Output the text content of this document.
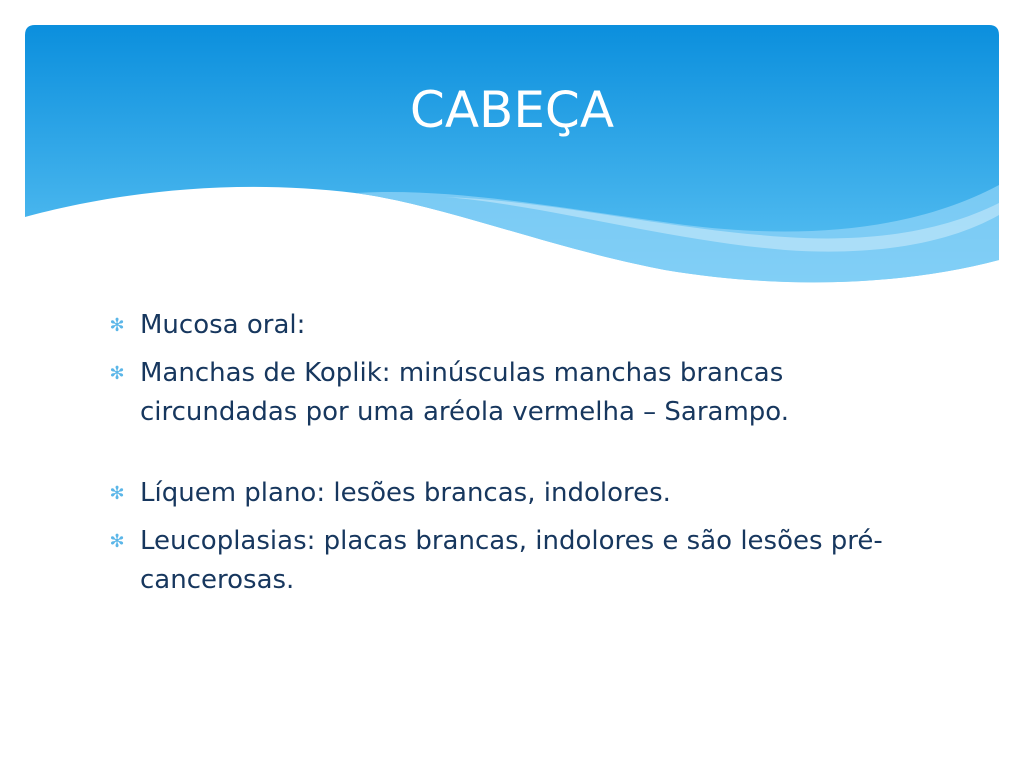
CABEÇA
✻ Mucosa oral:
✻ Manchas de Koplik: minúsculas manchas brancas circundadas por uma aréola vermelha – Sarampo.
✻ Líquem plano: lesões brancas, indolores.
✻ Leucoplasias: placas brancas, indolores e são lesões pré-cancerosas.
